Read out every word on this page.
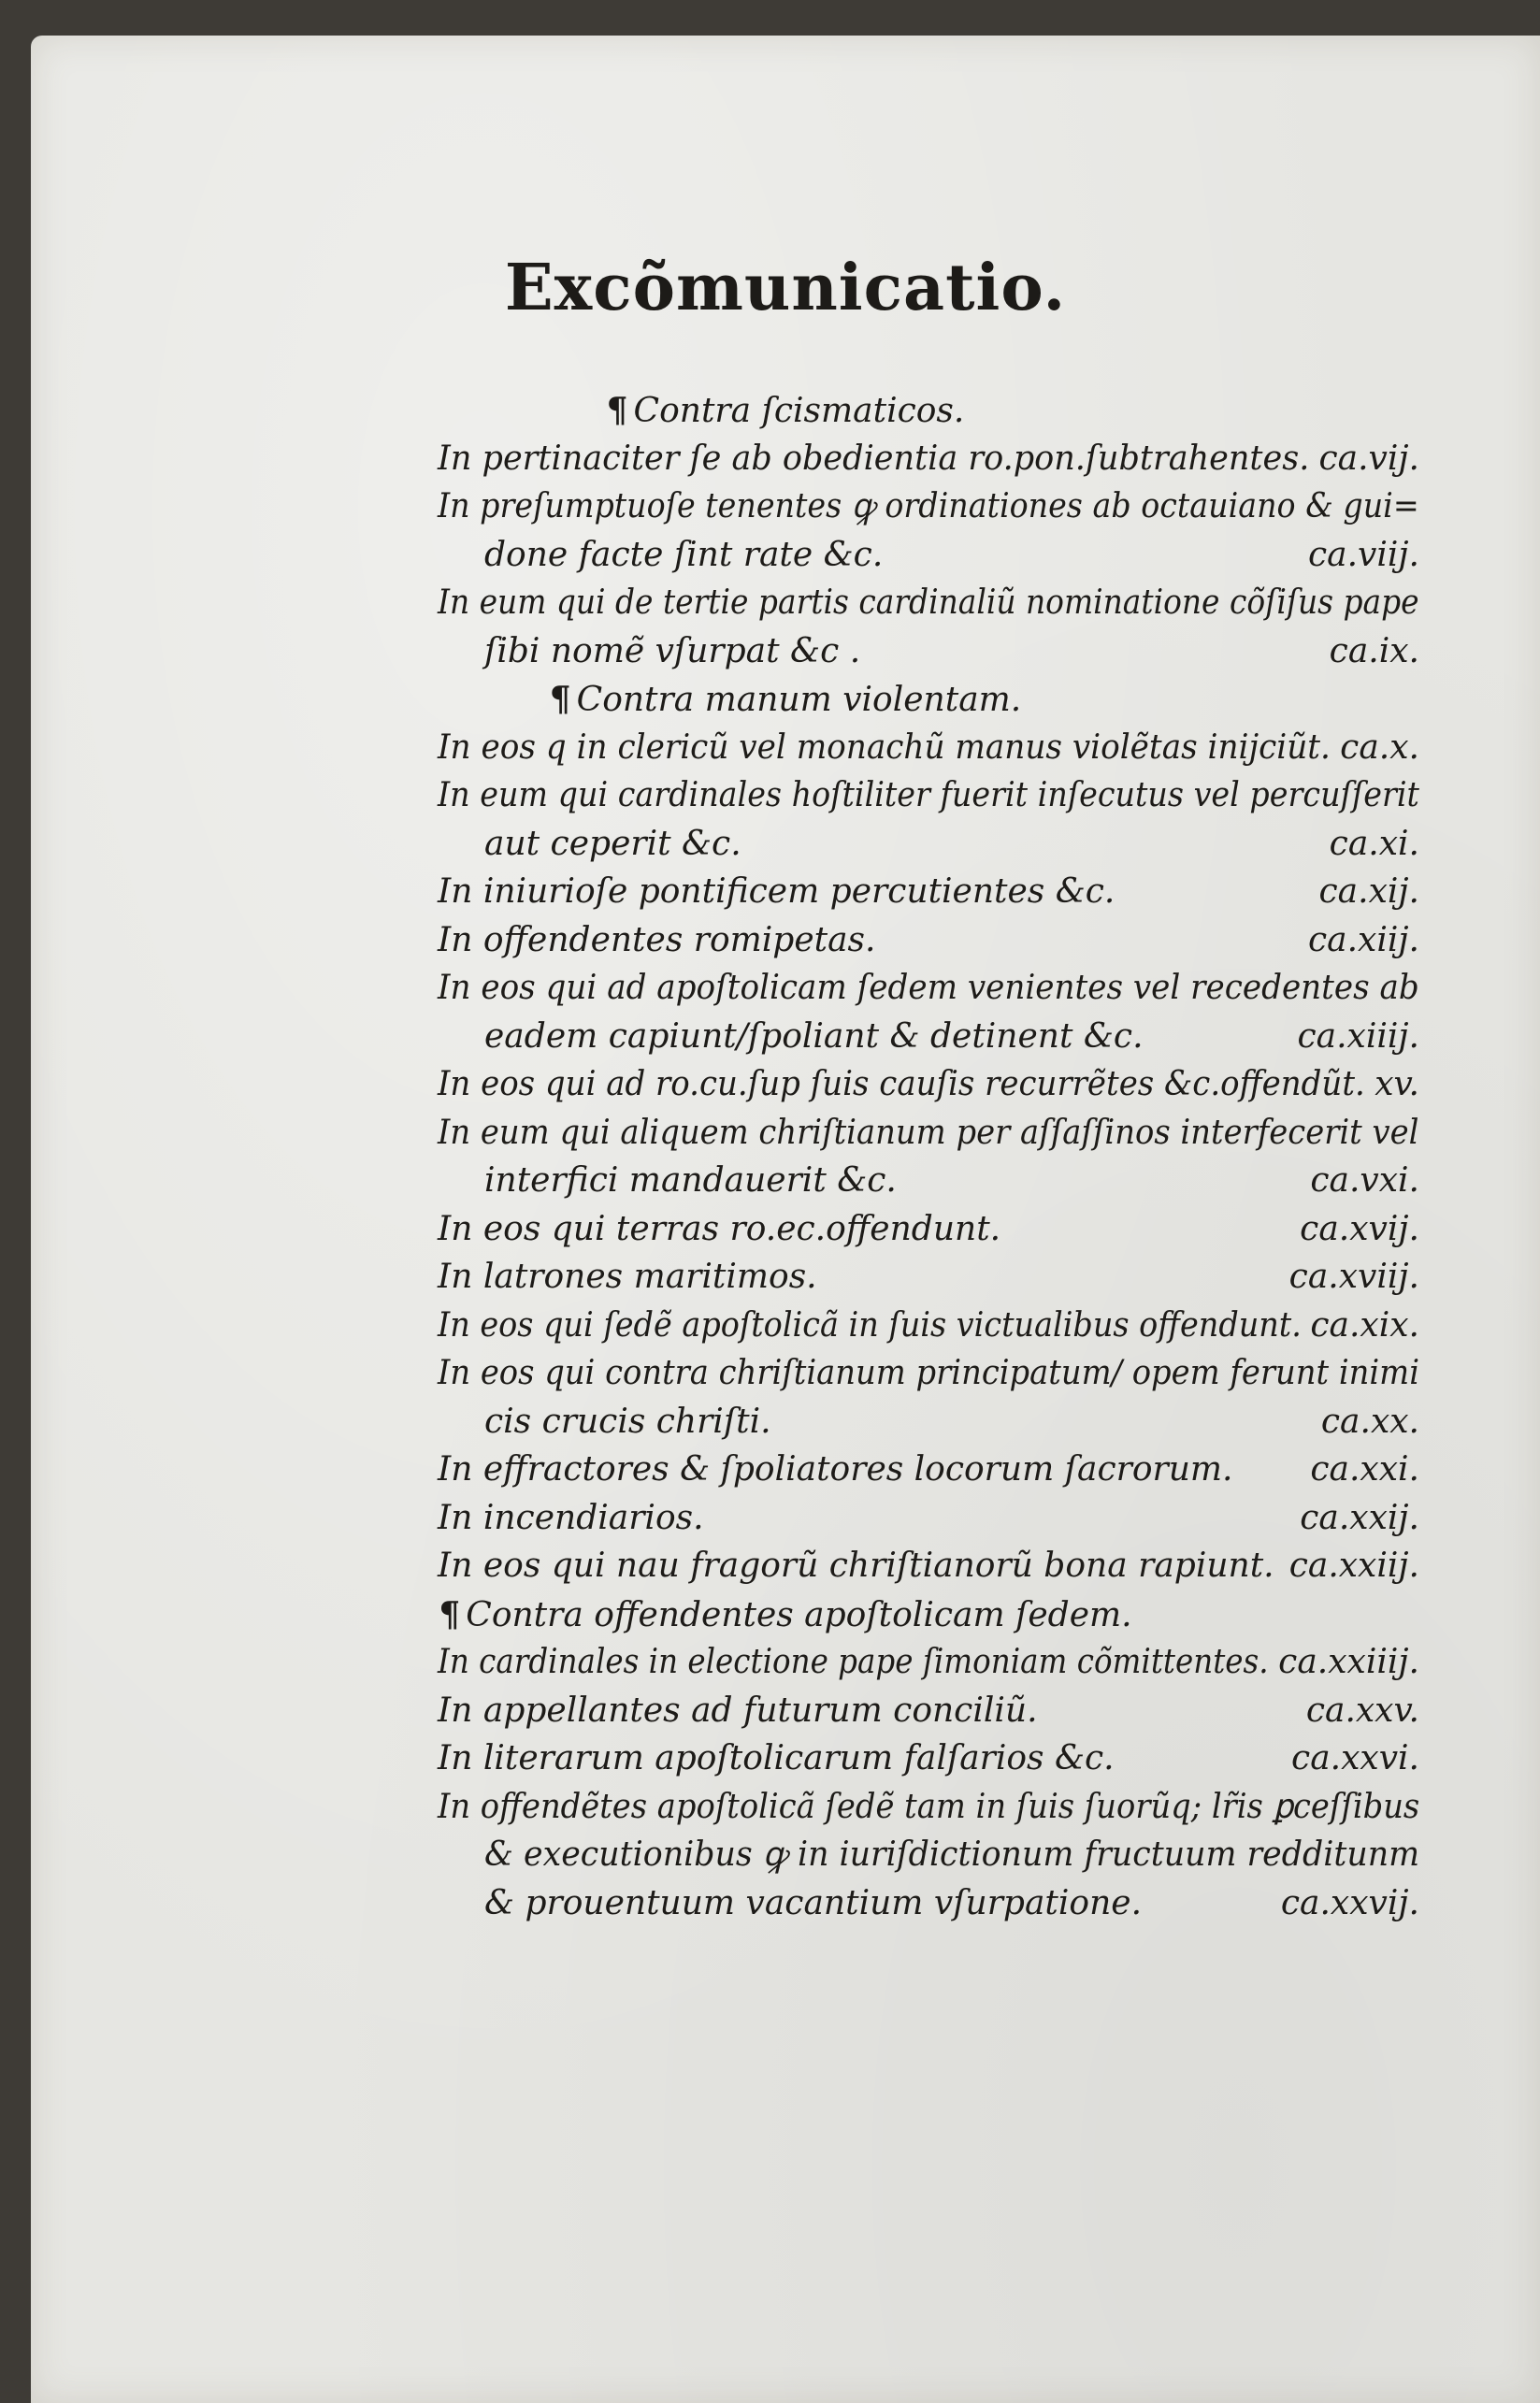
Excõmunicatio.
¶ Contra ſcismaticos.
In pertinaciter ſe ab obedientia ro.pon.ſubtrahentes. ca.vij.
In preſumptuoſe tenentes ꝙ ordinationes ab octauiano & gui=
done facte ſint rate &c.	ca.viij.
In eum qui de tertie partis cardinaliũ nominatione cõſiſus pape
ſibi nomẽ vſurpat &c .	ca.ix.
¶ Contra manum violentam.
In eos q in clericũ vel monachũ manus violẽtas inijciũt. ca.x.
In eum qui cardinales hoſtiliter fuerit inſecutus vel percuſſerit
aut ceperit &c.	ca.xi.
In iniurioſe pontificem percutientes &c.	ca.xij.
In offendentes romipetas.	ca.xiij.
In eos qui ad apoſtolicam ſedem venientes vel recedentes ab
eadem capiunt/ſpoliant & detinent &c.	ca.xiiij.
In eos qui ad ro.cu.ſup ſuis cauſis recurrẽtes &c.offendũt. xv.
In eum qui aliquem chriſtianum per aſſaſſinos interfecerit vel
interfici mandauerit &c.	ca.vxi.
In eos qui terras ro.ec.offendunt.	ca.xvij.
In latrones maritimos.	ca.xviij.
In eos qui ſedẽ apoſtolicã in ſuis victualibus offendunt. ca.xix.
In eos qui contra chriſtianum principatum/ opem ferunt inimi
cis crucis chriſti.	ca.xx.
In effractores & ſpoliatores locorum ſacrorum. ca.xxi.
In incendiarios.	ca.xxij.
In eos qui nau fragorũ chriſtianorũ bona rapiunt. ca.xxiij.
¶ Contra offendentes apoſtolicam ſedem.
In cardinales in electione pape ſimoniam cõmittentes. ca.xxiiij.
In appellantes ad futurum conciliũ.	ca.xxv.
In literarum apoſtolicarum falſarios &c.	ca.xxvi.
In offendẽtes apoſtolicã ſedẽ tam in ſuis ſuorũq; lr̃is ꝑceſſibus
& executionibus ꝙ in iuriſdictionum fructuum redditunm
& prouentuum vacantium vſurpatione.	ca.xxvij.
